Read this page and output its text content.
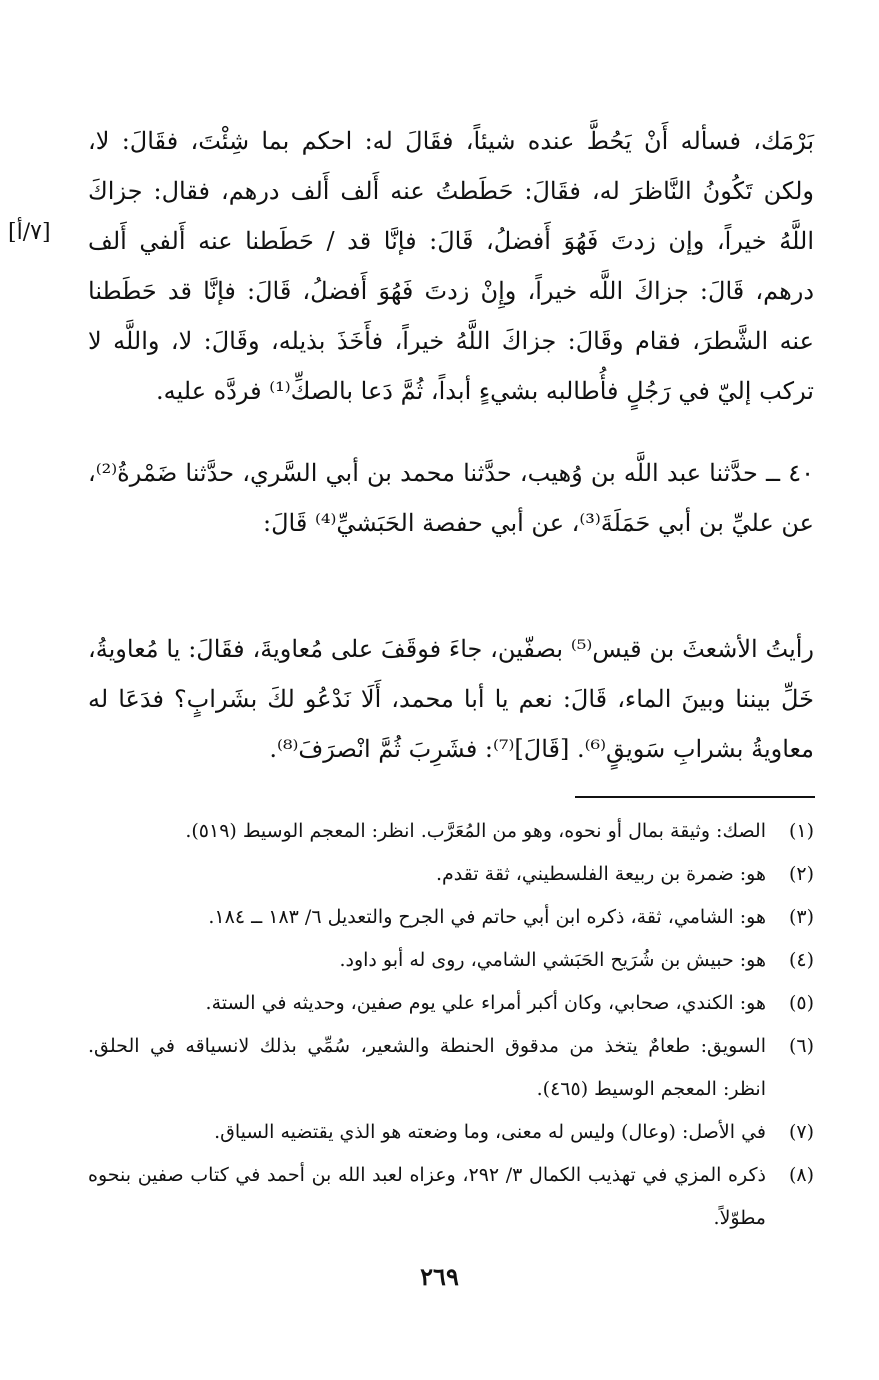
[٧/أ]

بَرْمَك، فسأله أَنْ يَحُطَّ عنده شيئاً، فقَالَ له: احكم بما شِئْتَ، فقَالَ: لا، ولكن تَكُونُ النَّاظرَ له، فقَالَ: حَطَطتُ عنه أَلف أَلف درهم، فقال: جزاكَ اللَّهُ خيراً، وإن زدتَ فَهُوَ أَفضلُ، قَالَ: فإنَّا قد / حَطَطنا عنه أَلفي أَلف درهم، قَالَ: جزاكَ اللَّه خيراً، وإِنْ زدتَ فَهُوَ أَفضلُ، قَالَ: فإنَّا قد حَطَطنا عنه الشَّطرَ، فقام وقَالَ: جزاكَ اللَّهُ خيراً، فأَخَذَ بذيله، وقَالَ: لا، واللَّه لا تركب إليّ في رَجُلٍ فأُطالبه بشيءٍ أبداً، ثُمَّ دَعا بالصكِّ⁽¹⁾ فردَّه عليه.

٤٠ ــ حدَّثنا عبد اللَّه بن وُهيب، حدَّثنا محمد بن أبي السَّري، حدَّثنا ضَمْرةُ⁽²⁾، عن عليِّ بن أبي حَمَلَةَ⁽³⁾، عن أبي حفصة الحَبَشيِّ⁽⁴⁾ قَالَ:

رأيتُ الأشعثَ بن قيس⁽⁵⁾ بصفّين، جاءَ فوقَفَ على مُعاويةَ، فقَالَ: يا مُعاويةُ، خَلِّ بيننا وبينَ الماء، قَالَ: نعم يا أبا محمد، أَلَا نَدْعُو لكَ بشَرابٍ؟ فدَعَا له معاويةُ بشرابِ سَويقٍ⁽⁶⁾. [قَالَ]⁽⁷⁾: فشَرِبَ ثُمَّ انْصرَفَ⁽⁸⁾.

(١)
الصك: وثيقة بمال أو نحوه، وهو من المُعَرَّب. انظر: المعجم الوسيط (٥١٩).
(٢)
هو: ضمرة بن ربيعة الفلسطيني، ثقة تقدم.
(٣)
هو: الشامي، ثقة، ذكره ابن أبي حاتم في الجرح والتعديل ٦/ ١٨٣ ــ ١٨٤.
(٤)
هو: حبيش بن شُرَيح الحَبَشي الشامي، روى له أبو داود.
(٥)
هو: الكندي، صحابي، وكان أكبر أمراء علي يوم صفين، وحديثه في الستة.
(٦)
السويق: طعامٌ يتخذ من مدقوق الحنطة والشعير، سُمِّي بذلك لانسياقه في الحلق. انظر: المعجم الوسيط (٤٦٥).
(٧)
في الأصل: (وعال) وليس له معنى، وما وضعته هو الذي يقتضيه السياق.
(٨)
ذكره المزي في تهذيب الكمال ٣/ ٢٩٢، وعزاه لعبد الله بن أحمد في كتاب صفين بنحوه مطوّلاً.
٢٦٩
